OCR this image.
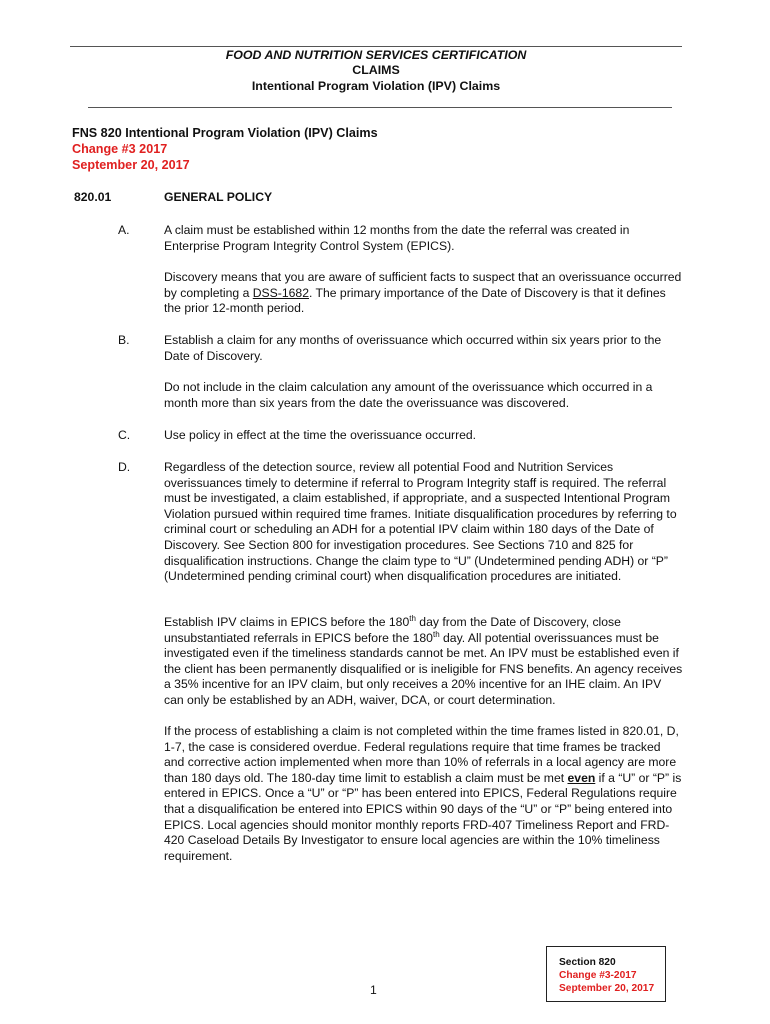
FOOD AND NUTRITION SERVICES CERTIFICATION
CLAIMS
Intentional Program Violation (IPV) Claims
FNS 820 Intentional Program Violation (IPV) Claims
Change #3 2017
September 20, 2017
820.01	GENERAL POLICY
A.	A claim must be established within 12 months from the date the referral was created in Enterprise Program Integrity Control System (EPICS).

Discovery means that you are aware of sufficient facts to suspect that an overissuance occurred by completing a DSS-1682. The primary importance of the Date of Discovery is that it defines the prior 12-month period.

B.	Establish a claim for any months of overissuance which occurred within six years prior to the Date of Discovery.

Do not include in the claim calculation any amount of the overissuance which occurred in a month more than six years from the date the overissuance was discovered.

C.	Use policy in effect at the time the overissuance occurred.

D.	Regardless of the detection source, review all potential Food and Nutrition Services overissuances timely to determine if referral to Program Integrity staff is required. The referral must be investigated, a claim established, if appropriate, and a suspected Intentional Program Violation pursued within required time frames. Initiate disqualification procedures by referring to criminal court or scheduling an ADH for a potential IPV claim within 180 days of the Date of Discovery. See Section 800 for investigation procedures. See Sections 710 and 825 for disqualification instructions. Change the claim type to “U” (Undetermined pending ADH) or “P” (Undetermined pending criminal court) when disqualification procedures are initiated.

Establish IPV claims in EPICS before the 180th day from the Date of Discovery, close unsubstantiated referrals in EPICS before the 180th day. All potential overissuances must be investigated even if the timeliness standards cannot be met. An IPV must be established even if the client has been permanently disqualified or is ineligible for FNS benefits. An agency receives a 35% incentive for an IPV claim, but only receives a 20% incentive for an IHE claim. An IPV can only be established by an ADH, waiver, DCA, or court determination.

If the process of establishing a claim is not completed within the time frames listed in 820.01, D, 1-7, the case is considered overdue. Federal regulations require that time frames be tracked and corrective action implemented when more than 10% of referrals in a local agency are more than 180 days old. The 180-day time limit to establish a claim must be met even if a “U” or “P” is entered in EPICS. Once a “U” or “P” has been entered into EPICS, Federal Regulations require that a disqualification be entered into EPICS within 90 days of the “U” or “P” being entered into EPICS. Local agencies should monitor monthly reports FRD-407 Timeliness Report and FRD-420 Caseload Details By Investigator to ensure local agencies are within the 10% timeliness requirement.

1
Section 820
Change #3-2017
September 20, 2017
